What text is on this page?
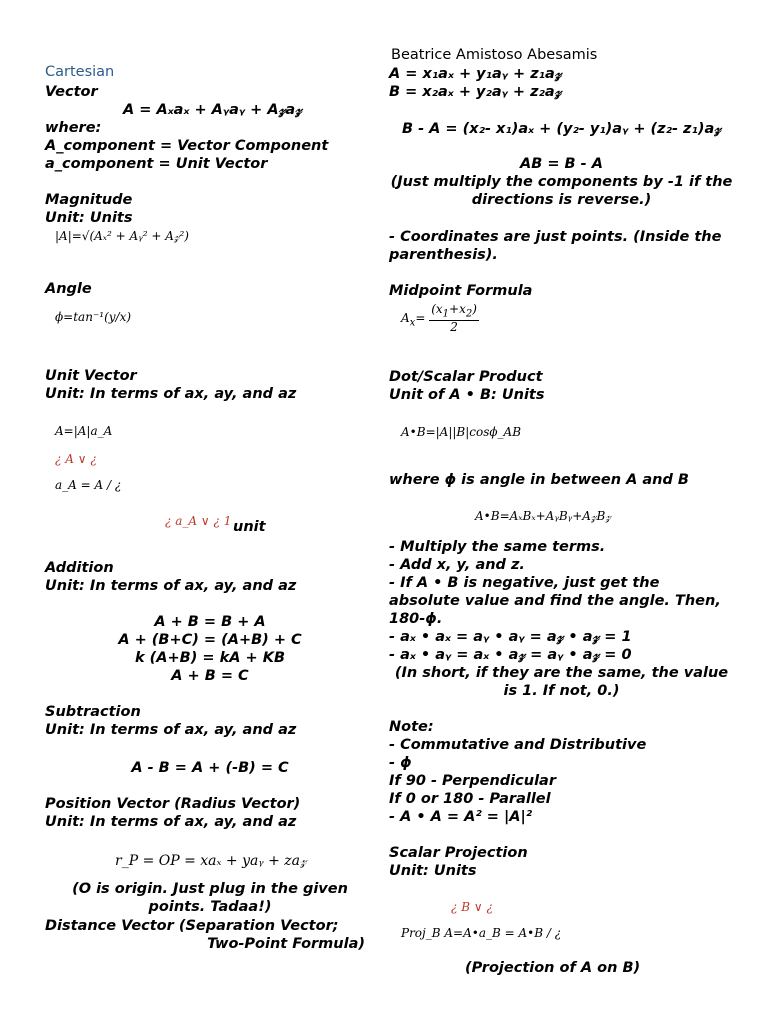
Cartesian
Vector
A = Aₓaₓ + Aᵧaᵧ + A𝓏a𝓏
where:
A_component = Vector Component
a_component = Unit Vector
Magnitude
Unit: Units
|A|=√(Aₓ² + Aᵧ² + A𝓏²)
Angle
ϕ=tan⁻¹(y/x)
Unit Vector
Unit: In terms of ax, ay, and az
A=|A|a_A
¿ A ∨ ¿
a_A = A / ¿
¿ a_A ∨ ¿ 1 unit
Addition
Unit: In terms of ax, ay, and az
A + B = B + A
A + (B+C) = (A+B) + C
k (A+B) = kA + KB
A + B = C
Subtraction
Unit: In terms of ax, ay, and az
A - B = A + (-B) = C
Position Vector (Radius Vector)
Unit: In terms of ax, ay, and az
r_P = OP = xaₓ + yaᵧ + za𝓏
(O is origin. Just plug in the given points. Tadaa!)
Distance Vector (Separation Vector;
Two-Point Formula)
Beatrice Amistoso Abesamis
A = x₁aₓ + y₁aᵧ + z₁a𝓏
B = x₂aₓ + y₂aᵧ + z₂a𝓏
B - A = (x₂- x₁)aₓ + (y₂- y₁)aᵧ + (z₂- z₁)a𝓏
AB = B - A
(Just multiply the components by -1 if the directions is reverse.)
- Coordinates are just points. (Inside the parenthesis).
Midpoint Formula
$A_x= \frac{(x_1+x_2)}{2}$
Dot/Scalar Product
Unit of A • B: Units
A•B=|A||B|cosϕ_AB
where ϕ is angle in between A and B
A•B=AₓBₓ+AᵧBᵧ+A𝓏B𝓏
- Multiply the same terms.
- Add x, y, and z.
- If A • B is negative, just get the absolute value and find the angle. Then, 180-ϕ.
- aₓ • aₓ = aᵧ • aᵧ = a𝓏 • a𝓏 = 1
- aₓ • aᵧ = aₓ • a𝓏 = aᵧ • a𝓏 = 0
(In short, if they are the same, the value is 1. If not, 0.)
Note:
- Commutative and Distributive
- ϕ
If 90 - Perpendicular
If 0 or 180 - Parallel
- A • A = A² = |A|²
Scalar Projection
Unit: Units
¿ B ∨ ¿
Proj_B A=A•a_B = A•B / ¿
(Projection of A on B)
